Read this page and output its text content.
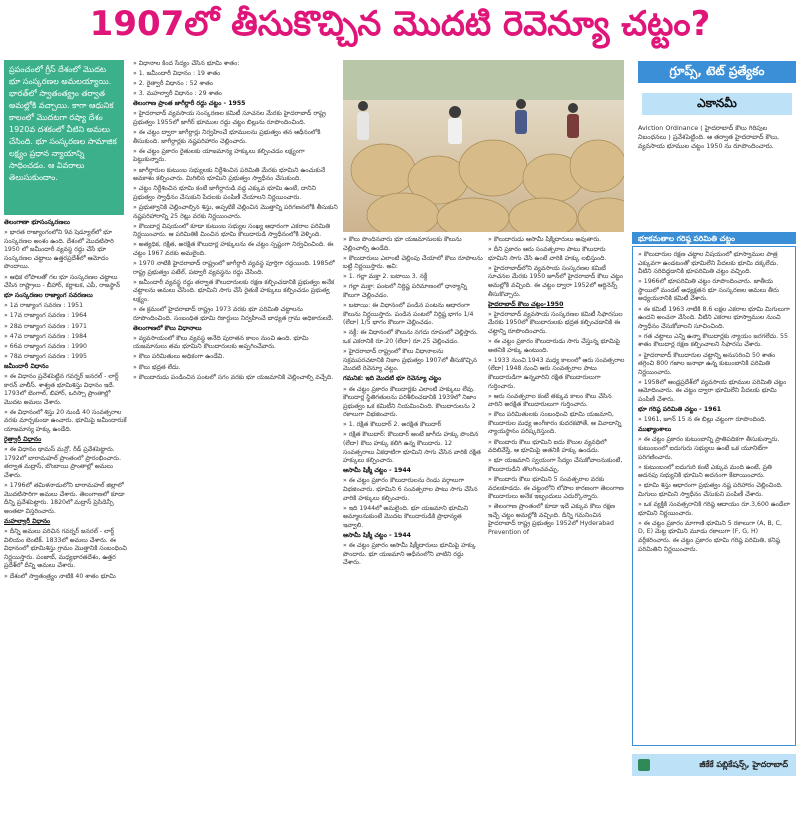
1907లో తీసుకొచ్చిన మొదటి రెవెన్యూ చట్టం?
ప్రపంచంలో గ్రీస్ దేశంలో మొదట భూ సంస్కరణల అమలయ్యాయి. భారత్‌లో స్వాతంత్య్రం తర్వాత అమల్లోకి వచ్చాయి. కాగా ఆధునిక కాలంలో మొదటగా రష్యా దేశం 1920వ దశకంలో వీటిని అమలు చేసింది. భూ సంస్కరణల సామాజిక లక్ష్యం ప్రధాన న్యాయాన్ని సాధించడం. ఆ వివరాలు తెలుసుకుందాం.

తెలంగాణా భూసంస్కరణలు

» భారత రాజ్యాంగంలోని 9వ షెడ్యూల్‌లో భూ సంస్కరణల అంశం ఉంది. దేశంలో మొదటిసారి 1950 లో జమీందారీ వ్యవస్థ రద్దు చేసే భూ సంస్కరణల చట్టాలు ఉత్తరప్రదేశ్‌లో ఆమోదం పొందాయి.

» ఆధిక లోపాలతో గల భూ సంస్కరణల చట్టాలు చేసిన రాష్ట్రాలు - బీహార్, కర్ణాటక, ఎపీ, రాజస్థాన్

భూ సంస్కరణల రాజ్యాంగ సవరణలు

» 1వ రాజ్యాంగ సవరణ : 1951

» 17వ రాజ్యాంగ సవరణ : 1964

» 28వ రాజ్యాంగ సవరణ : 1971

» 47వ రాజ్యాంగ సవరణ : 1984

» 66వ రాజ్యాంగ సవరణ : 1990

» 78వ రాజ్యాంగ సవరణ : 1995

జమీందారీ విధానం

» ఈ విధానం ప్రవేశపెట్టిన గవర్నర్ జనరల్ - లార్డ్ కారన్ వాలీస్. శాశ్వత భూమిశిస్తు విధానం ఇదే. 1793లో బెంగాల్, బిహార్, ఒరిస్సా ప్రాంతాల్లో మొదట అమలు చేశారు.

» ఈ విధానంలో శిస్తు 20 నుండి 40 సంవత్సరాల వరకు మార్చకుండా ఉంచారు. భూమిపై జమీందారుకే యాజమాన్య హక్కు ఉండేది.

రైత్వారీ విధానం

» ఈ విధానం థామస్ మన్రో, రీడ్ ప్రవేశపెట్టారు. 1792లో బారామహల్ ప్రాంతంలో ప్రారంభించారు. తర్వాత మద్రాస్, బొంబాయి ప్రాంతాల్లో అమలు చేశారు.

» 1796లో తమిళనాడులోని బారామహల్ జిల్లాలో మొదటిసారిగా అమలు చేశారు. తెలంగాణలో కూడా దీన్ని ప్రవేశపెట్టారు. 1820లో మద్రాస్ ప్రెసిడెన్సీ అంతటా విస్తరించారు.

మహల్వారీ విధానం

» దీన్ని అమలు పరిచిన గవర్నర్ జనరల్ - లార్డ్ విలియం బెంటిక్. 1833లో అమలు చేశారు. ఈ విధానంలో భూమిశిస్తు గ్రామం మొత్తానికి సంబంధించి నిర్ణయిస్తారు. పంజాబ్, మధ్యభారతదేశం, ఉత్తర ప్రదేశ్‌లో దీన్ని అమలు చేశారు.

» దేశంలో స్వాతంత్ర్యం నాటికి 40 శాతం భూమి

» విధానాల కింద సేద్యం చేసిన భూమి శాతం:

» 1. జమీందారీ విధానం : 19 శాతం

» 2. రైత్వారీ విధానం : 52 శాతం

» 3. మహల్వారీ విధానం : 29 శాతం

తెలంగాణ ప్రాంత జాగీర్దారీ రద్దు చట్టం - 1955

» హైదరాబాద్ వ్యవసాయ సంస్కరణల కమిటీ సూచనల మేరకు హైదరాబాద్ రాష్ట్ర ప్రభుత్వం 1955లో జాగీర్ భూముల రద్దు చట్టం బిల్లును రూపొందించింది.

» ఈ చట్టం ద్వారా జాగీర్దార్లు నిర్వహించే భూములను ప్రభుత్వం తన ఆధీనంలోకి తీసుకుంది. జాగీర్దార్లకు నష్టపరిహారం చెల్లించారు.

» ఈ చట్టం ప్రకారం రైతులకు యాజమాన్య హక్కులు కల్పించడం లక్ష్యంగా పెట్టుకున్నారు.

» జాగీర్దారుల కుటుంబ సభ్యులకు నిర్దేశించిన పరిమితి మేరకు భూమిని ఉంచుకునే అవకాశం కల్పించారు. మిగిలిన భూమిని ప్రభుత్వం స్వాధీనం చేసుకుంది.

» చట్టం నిర్దేశించిన భూమి కంటే జాగీర్దారుడి వద్ద ఎక్కువ భూమి ఉంటే, దానిని ప్రభుత్వం స్వాధీనం చేసుకుని పేదలకు పంపిణీ చేయాలని నిర్ణయించారు.

» ప్రభుత్వానికి చెల్లించాల్సిన శిస్తు, అప్పటికే చెల్లించిన మొత్తాన్ని పరిగణనలోకి తీసుకుని నష్టపరిహారాన్ని 25 రెట్లు వరకు నిర్ణయించారు.

» కౌలుదార్ల విషయంలో కూడా కుటుంబ సభ్యుల సంఖ్య ఆధారంగా ఎకరాల పరిమితి నిర్ణయించారు. ఆ పరిమితికి మించిన భూమి కౌలుదారుడి స్వాధీనంలోకి వెళ్ళింది.

» అత్యధిక, రక్షిత, అరక్షిత కౌలుదార్ల హక్కులను ఈ చట్టం స్పష్టంగా నిర్వచించింది. ఈ చట్టం 1967 వరకు అమలైంది.

» 1970 నాటికి హైదరాబాద్ రాష్ట్రంలో జాగీర్దారీ వ్యవస్థ పూర్తిగా రద్దయింది. 1985లో రాష్ట్ర ప్రభుత్వం పటేల్, పట్వారీ వ్యవస్థను రద్దు చేసింది.

» జమీందారీ వ్యవస్థ రద్దు తర్వాత కౌలుదారులకు రక్షణ కల్పించడానికి ప్రభుత్వం అనేక చట్టాలను అమలు చేసింది. భూమిని సాగు చేసే రైతుకే హక్కులు కల్పించడం ప్రభుత్వ లక్ష్యం.

» ఈ క్రమంలో హైదరాబాద్ రాష్ట్రం 1973 వరకు భూ పరిమితి చట్టాలను రూపొందించింది. సంబంధిత భూమి రికార్డులు నిర్వహించే బాధ్యత గ్రామ అధికారులదే.

తెలంగాణలో కౌలు విధానాలు

» వ్యవసాయంలో కౌలు వ్యవస్థ అనేది పురాతన కాలం నుంచి ఉంది. భూమి యజమానులు తమ భూమిని కౌలుదారులకు అప్పగించేవారు.

» కౌలు పరిమితులు అధికంగా ఉండేవి.

» కౌలు భద్రత లేదు.

» కౌలుదారుడు పండించిన పంటలో సగం వరకు భూ యజమానికి చెల్లించాల్సి వచ్చేది.

» కౌలు పొందినవారు భూ యజమానులకు కౌలును చెల్లించాల్సి ఉండేది.

» కౌలుదారులు ఎలాంటి చెల్లింపు చేయాలో కౌలు రూపాలను బట్టి నిర్ణయిస్తారు. అవి:

» 1. గల్లా మక్తా 2. బటాయి 3. నక్దీ

» గల్లా మక్తా: పంటలో నిర్దిష్ట పరిమాణంలో ధాన్యాన్ని కౌలుగా చెల్లించడం.

» బటాయి: ఈ విధానంలో పండిన పంటను ఆధారంగా కౌలును నిర్ణయిస్తారు. పండిన పంటలో నిర్దిష్ట భాగం 1/4 (లేదా) 1/5 భాగం కౌలుగా చెల్లించడం.

» నక్దీ: ఈ విధానంలో కౌలును నగదు రూపంలో చెల్లిస్తారు. ఒక ఎకరానికి రూ.20 (లేదా) రూ.25 చెల్లించడం.

» హైదరాబాద్ రాష్ట్రంలో కౌలు విధానాలను సక్రమపరచటానికి నిజాం ప్రభుత్వం 1907లో తీసుకొచ్చిన మొదటి రెవెన్యూ చట్టం.

గమనిక: ఇది మొదటి భూ రెవెన్యూ చట్టం

» ఈ చట్టం ప్రకారం కౌలుదార్లకు ఎలాంటి హక్కులు లేవు. కౌలుదార్ల స్థితిగతులను పరిశీలించడానికి 1939లో నిజాం ప్రభుత్వం ఒక కమిటీని నియమించింది. కౌలుదారులను 2 రకాలుగా విభజించారు.

» 1. రక్షిత కౌలుదార్ 2. అరక్షిత కౌలుదార్

» రక్షిత కౌలుదార్: కౌలుదార్ అంటే జాగీరు హక్కు పొందిన (లేదా) కౌలు హక్కు కలిగి ఉన్న కౌలుదారు. 12 సంవత్సరాలు ఏకధాటిగా భూమిని సాగు చేసిన వారికి రక్షిత హక్కులు కల్పించారు.

ఆసామీ షిక్మీ చట్టం - 1944

» ఈ చట్టం ప్రకారం కౌలుదారులను రెండు వర్గాలుగా విభజించారు. భూమిని 6 సంవత్సరాల పాటు సాగు చేసిన వారికి హక్కులు కల్పించారు.

» ఇది 1944లో అమలైంది. భూ యజమాని భూమిని అమ్మాలనుకుంటే మొదట కౌలుదారుడికి ప్రాధాన్యత ఇవ్వాలి.

ఆసామీ షిక్మీ చట్టం - 1944

» ఈ చట్టం ప్రకారం ఆసామీ షిక్మీదారులు భూమిపై హక్కు పొందారు. భూ యజమాని ఆధీనంలోని వాటిని రద్దు చేశారు.

» కౌలుదారుడు ఆసామీ షిక్మీదారులు అవుతారు.

» దీని ప్రకారం ఆరు సంవత్సరాల పాటు కౌలుదారు భూమిని సాగు చేసి ఉంటే వారికి హక్కు లభిస్తుంది.

» హైదరాబాద్‌లోని వ్యవసాయ సంస్కరణల కమిటీ సూచనల మేరకు 1950 జూన్‌లో హైదరాబాద్ కౌలు చట్టం అమల్లోకి వచ్చింది. ఈ చట్టం ద్వారా 1952లో ఆర్డినెన్స్ తీసుకొచ్చారు.

హైదరాబాద్ కౌలు చట్టం-1950

» హైదరాబాద్ వ్యవసాయ సంస్కరణల కమిటీ సిఫారసుల మేరకు 1950లో కౌలుదారులకు భద్రత కల్పించడానికి ఈ చట్టాన్ని రూపొందించారు.

» ఈ చట్టం ప్రకారం కౌలుదారుడు సాగు చేస్తున్న భూమిపై అతనికి హక్కు ఉంటుంది.

» 1933 నుంచి 1943 మధ్య కాలంలో ఆరు సంవత్సరాల (లేదా) 1948 నుంచి ఆరు సంవత్సరాల పాటు కౌలుదారుడిగా ఉన్నవారిని రక్షిత కౌలుదారులుగా గుర్తించారు.

» ఆరు సంవత్సరాల కంటే తక్కువ కాలం కౌలు చేసిన వారిని అరక్షిత కౌలుదారులుగా గుర్తించారు.

» కౌలు పరిమితులకు సంబంధించి భూమి యజమాని, కౌలుదారుల మధ్య అంగీకారం కుదరకపోతే, ఆ వివాదాన్ని న్యాయస్థానం పరిష్కరిస్తుంది.

» కౌలుదారు కౌలు భూమిని ఐదు కౌలుల వ్యవధిలో వదిలివేస్తే, ఆ భూమిపై అతనికి హక్కు ఉండదు.

» భూ యజమాని స్వయంగా సేద్యం చేసుకోవాలనుకుంటే, కౌలుదారుడిని తొలగించవచ్చు.

» కౌలుదారు కౌలు భూమిని 5 సంవత్సరాల వరకు వదలకూడదు. ఈ చట్టంలోని లోపాల కారణంగా తెలంగాణ కౌలుదారులు అనేక ఇబ్బందులు ఎదుర్కొన్నారు.

» తెలంగాణ ప్రాంతంలో కూడా ఇదే ఎక్కువ కౌలు రక్షణ ఇచ్చే చట్టం అమల్లోకి వచ్చింది. దీన్ని గమనించిన హైదరాబాద్ రాష్ట్ర ప్రభుత్వం 1952లో Hyderabad Prevention of

గ్రూప్స్, టెట్ ప్రత్యేకం
ఎకానమీ
Aviction Ordinance ( హైదరాబాద్ కౌలు గిరిపుల నిబంధనలు ) ప్రవేశపెట్టింది. ఆ తర్వాత హైదరాబాద్ కౌలు, వ్యవసాయ భూముల చట్టం 1950 ను రూపొందించారు.
భూకమతాల గరిష్ఠ పరిమితి చట్టం

» కౌలుదారుల రక్షణ చట్టాల విషయంలో భూస్వాముల పాత్ర ఎక్కువగా ఉండటంతో భూమిలేని పేదలకు భూమి దక్కలేదు. వీటిని సరిదిద్దడానికి భూపరిమితి చట్టం వచ్చింది.

» 1966లో భూపరిమితి చట్టం రూపొందించారు. జాతీయ స్థాయిలో మండల్ అధ్యక్షతన భూ సంస్కరణల అమలు తీరు అధ్యయనానికి కమిటీ వేశారు.

» ఈ కమిటీ 1963 నాటికి 8.6 లక్షల ఎకరాల భూమి మిగులుగా ఉందని అంచనా వేసింది. వీటిని ఎకరాల భూస్వాముల నుంచి స్వాధీనం చేసుకోవాలని సూచించింది.

» గత చట్టాలు ఎన్ని ఉన్నా కౌలుదార్లకు న్యాయం జరగలేదు. 55 శాతం కౌలుదార్ల రక్షణ కల్పించాలని సిఫారసు చేశారు.

» హైదరాబాద్ కౌలుదారుల చట్టాన్ని అనుసరించి 50 శాతం తగ్గించి 800 గజాల జనాభా ఉన్న కుటుంబానికి పరిమితి నిర్ణయించారు.

» 1958లో ఆంధ్రప్రదేశ్‌లో వ్యవసాయ భూముల పరిమితి చట్టం ఆమోదించారు. ఈ చట్టం ద్వారా భూమిలేని పేదలకు భూమి పంపిణీ చేశారు.

భూ గరిష్ఠ పరిమితి చట్టం - 1961

» 1961, జూన్ 15 న ఈ బిల్లు చట్టంగా రూపొందింది.

ముఖ్యాంశాలు

» ఈ చట్టం ప్రకారం కుటుంబాన్ని ప్రాతిపదికగా తీసుకున్నారు. కుటుంబంలో ఐదుగురు సభ్యులు ఉంటే ఒక యూనిట్‌గా పరిగణించారు.

» కుటుంబంలో ఐదుగురి కంటే ఎక్కువ మంది ఉంటే, ప్రతి అదనపు సభ్యునికి భూమిని అదనంగా కేటాయించారు.

» భూమి శిస్తు ఆధారంగా ప్రభుత్వం నష్ట పరిహారం చెల్లించింది. మిగులు భూమిని స్వాధీనం చేసుకుని పంపిణీ చేశారు.

» ఒక వ్యక్తికి సంవత్సరానికి గరిష్ఠ ఆదాయం రూ.3,600 ఉండేలా భూమిని నిర్ణయించారు.

» ఈ చట్టం ప్రకారం మాగాణి భూమిని 5 రకాలుగా (A, B, C, D, E) మెట్ట భూమిని మూడు రకాలుగా (F, G, H) వర్గీకరించారు. ఈ చట్టం ప్రకారం భూమి గరిష్ఠ పరిమితి, కనిష్ఠ పరిమితిని నిర్ణయించారు.

జీకేకే పబ్లికేషన్స్, హైదరాబాద్
